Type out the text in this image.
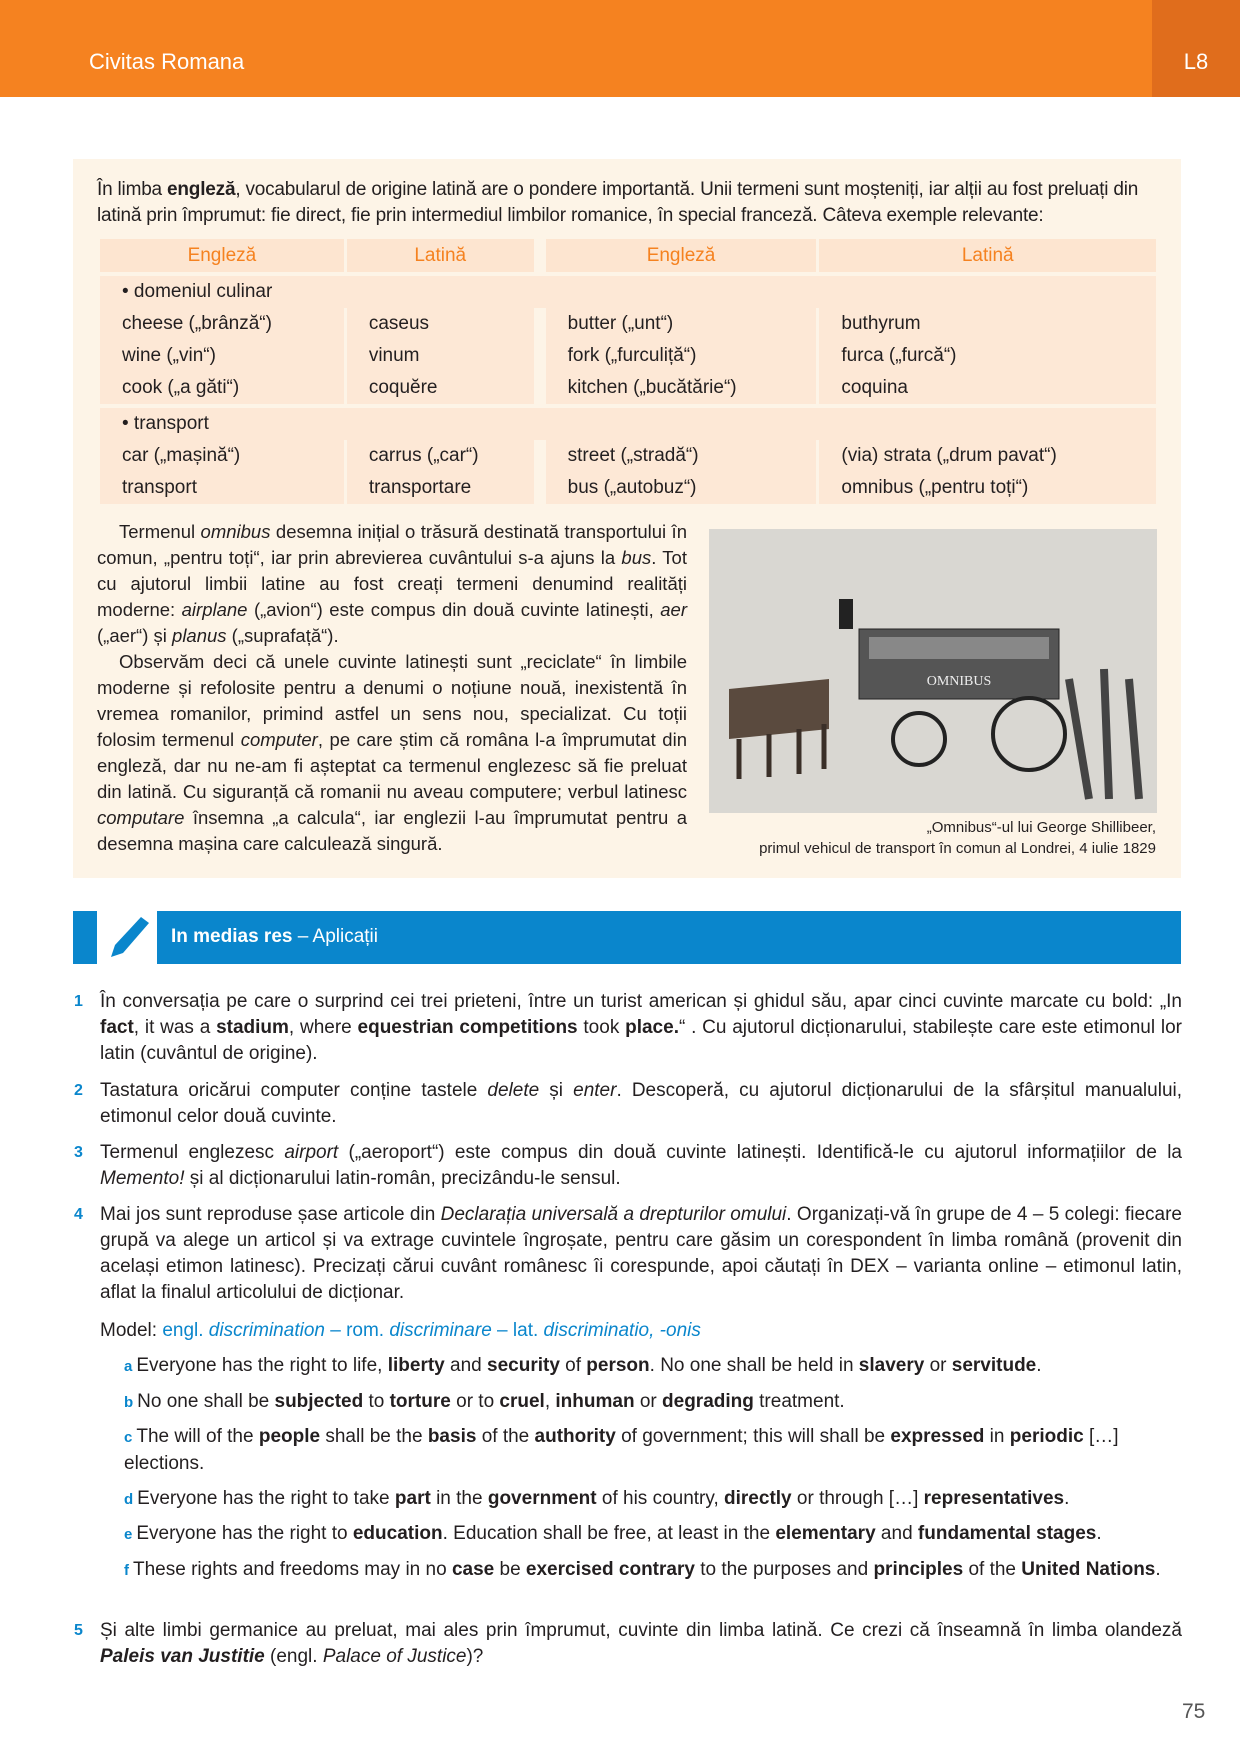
Civitas Romana	L8
În limba engleză, vocabularul de origine latină are o pondere importantă. Unii termeni sunt moșteniți, iar alții au fost preluați din latină prin împrumut: fie direct, fie prin intermediul limbilor romanice, în special franceză. Câteva exemple relevante:
Engleză	Latină		Engleză	Latină

• domeniul culinar				
cheese („brânză“)	caseus		butter („unt“)	buthyrum
wine („vin“)	vinum		fork („furculiță“)	furca („furcă“)
cook („a găti“)	coquĕre		kitchen („bucătărie“)	coquina

• transport				
car („mașină“)	carrus („car“)		street („stradă“)	(via) strata („drum pavat“)
transport	transportare		bus („autobuz“)	omnibus („pentru toți“)

Termenul omnibus desemna inițial o trăsură destinată transportului în comun, „pentru toți“, iar prin abrevierea cuvântului s-a ajuns la bus. Tot cu ajutorul limbii latine au fost creați termeni denumind realități moderne: airplane („avion“) este compus din două cuvinte latinești, aer („aer“) și planus („suprafață“).

Observăm deci că unele cuvinte latinești sunt „reciclate“ în limbile moderne și refolosite pentru a denumi o noțiune nouă, inexistentă în vremea romanilor, primind astfel un sens nou, specializat. Cu toții folosim termenul computer, pe care știm că româna l-a împrumutat din engleză, dar nu ne-am fi așteptat ca termenul englezesc să fie preluat din latină. Cu siguranță că romanii nu aveau computere; verbul latinesc computare însemna „a calcula“, iar englezii l-au împrumutat pentru a desemna mașina care calculează singură.

OMNIBUS
„Omnibus“-ul lui George Shillibeer,
primul vehicul de transport în comun al Londrei, 4 iulie 1829
In medias res – Aplicații
1 În conversația pe care o surprind cei trei prieteni, între un turist american și ghidul său, apar cinci cuvinte marcate cu bold: „In fact, it was a stadium, where equestrian competitions took place.“ . Cu ajutorul dicționarului, stabilește care este etimonul lor latin (cuvântul de origine).
2 Tastatura oricărui computer conține tastele delete și enter. Descoperă, cu ajutorul dicționarului de la sfârșitul manualului, etimonul celor două cuvinte.
3 Termenul englezesc airport („aeroport“) este compus din două cuvinte latinești. Identifică-le cu ajutorul informațiilor de la Memento! și al dicționarului latin-român, precizându-le sensul.
4 Mai jos sunt reproduse șase articole din Declarația universală a drepturilor omului. Organizați-vă în grupe de 4 – 5 colegi: fiecare grupă va alege un articol și va extrage cuvintele îngroșate, pentru care găsim un corespondent în limba română (provenit din același etimon latinesc). Precizați cărui cuvânt românesc îi corespunde, apoi căutați în DEX – varianta online – etimonul latin, aflat la finalul articolului de dicționar.
Model: engl. discrimination – rom. discriminare – lat. discriminatio, -onis
a Everyone has the right to life, liberty and security of person. No one shall be held in slavery or servitude.
b No one shall be subjected to torture or to cruel, inhuman or degrading treatment.
c The will of the people shall be the basis of the authority of government; this will shall be expressed in periodic […] elections.
d Everyone has the right to take part in the government of his country, directly or through […] representatives.
e Everyone has the right to education. Education shall be free, at least in the elementary and fundamental stages.
f These rights and freedoms may in no case be exercised contrary to the purposes and principles of the United Nations.
5 Și alte limbi germanice au preluat, mai ales prin împrumut, cuvinte din limba latină. Ce crezi că înseamnă în limba olandeză Paleis van Justitie (engl. Palace of Justice)?
75
